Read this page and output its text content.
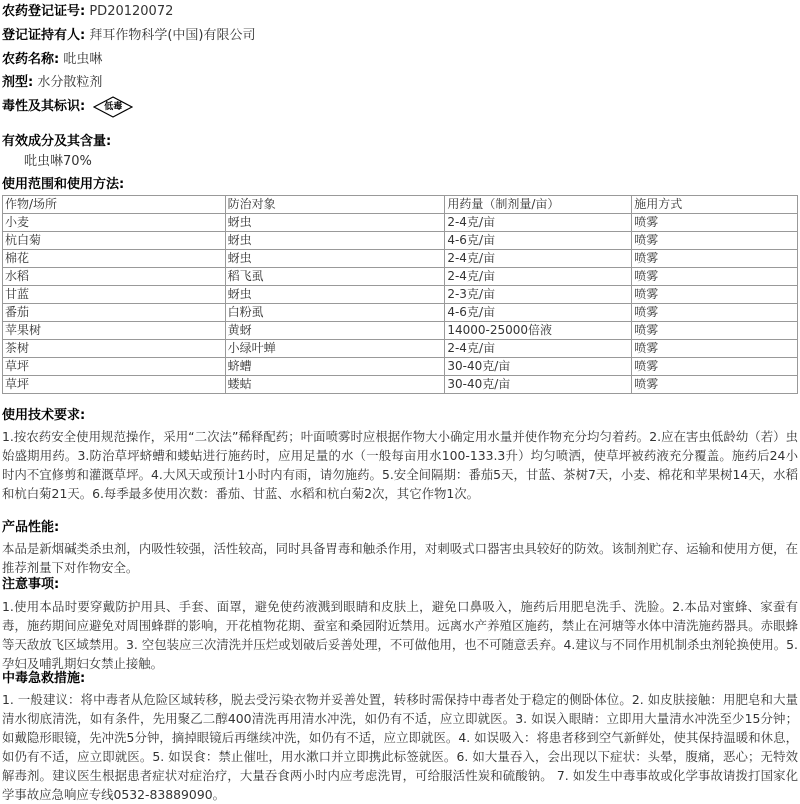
农药登记证号: PD20120072
登记证持有人: 拜耳作物科学(中国)有限公司
农药名称: 吡虫啉
剂型: 水分散粒剂
毒性及其标识:	低毒
有效成分及其含量:
吡虫啉70%
使用范围和使用方法:
作物/场所	防治对象	用药量（制剂量/亩）	施用方式
小麦	蚜虫	2-4克/亩	喷雾
杭白菊	蚜虫	4-6克/亩	喷雾
棉花	蚜虫	2-4克/亩	喷雾
水稻	稻飞虱	2-4克/亩	喷雾
甘蓝	蚜虫	2-3克/亩	喷雾
番茄	白粉虱	4-6克/亩	喷雾
苹果树	黄蚜	14000-25000倍液	喷雾
茶树	小绿叶蝉	2-4克/亩	喷雾
草坪	蛴螬	30-40克/亩	喷雾
草坪	蝼蛄	30-40克/亩	喷雾
使用技术要求:
1.按农药安全使用规范操作，采用“二次法”稀释配药；叶面喷雾时应根据作物大小确定用水量并使作物充分均匀着药。2.应在害虫低龄幼（若）虫始盛期用药。3.防治草坪蛴螬和蝼蛄进行施药时，应用足量的水（一般每亩用水100-133.3升）均匀喷洒，使草坪被药液充分覆盖。施药后24小时内不宜修剪和灌溉草坪。4.大风天或预计1小时内有雨，请勿施药。5.安全间隔期：番茄5天，甘蓝、茶树7天，小麦、棉花和苹果树14天，水稻和杭白菊21天。6.每季最多使用次数：番茄、甘蓝、水稻和杭白菊2次，其它作物1次。
产品性能:
本品是新烟碱类杀虫剂，内吸性较强，活性较高，同时具备胃毒和触杀作用，对刺吸式口器害虫具较好的防效。该制剂贮存、运输和使用方便，在推荐剂量下对作物安全。
注意事项:
1.使用本品时要穿戴防护用具、手套、面罩，避免使药液溅到眼睛和皮肤上，避免口鼻吸入，施药后用肥皂洗手、洗脸。2.本品对蜜蜂、家蚕有毒，施药期间应避免对周围蜂群的影响，开花植物花期、蚕室和桑园附近禁用。远离水产养殖区施药，禁止在河塘等水体中清洗施药器具。赤眼蜂等天敌放飞区域禁用。3. 空包装应三次清洗并压烂或划破后妥善处理，不可做他用，也不可随意丢弃。4.建议与不同作用机制杀虫剂轮换使用。5.孕妇及哺乳期妇女禁止接触。
中毒急救措施:
1. 一般建议：将中毒者从危险区域转移，脱去受污染衣物并妥善处置，转移时需保持中毒者处于稳定的侧卧体位。2. 如皮肤接触：用肥皂和大量清水彻底清洗，如有条件，先用聚乙二醇400清洗再用清水冲洗，如仍有不适，应立即就医。3. 如误入眼睛：立即用大量清水冲洗至少15分钟；如戴隐形眼镜，先冲洗5分钟，摘掉眼镜后再继续冲洗，如仍有不适，应立即就医。4. 如误吸入：将患者移到空气新鲜处，使其保持温暖和休息，如仍有不适，应立即就医。5. 如误食：禁止催吐，用水漱口并立即携此标签就医。6. 如大量吞入，会出现以下症状：头晕，腹痛，恶心；无特效解毒剂。建议医生根据患者症状对症治疗，大量吞食两小时内应考虑洗胃，可给服活性炭和硫酸钠。 7. 如发生中毒事故或化学事故请拨打国家化学事故应急响应专线0532-83889090。
